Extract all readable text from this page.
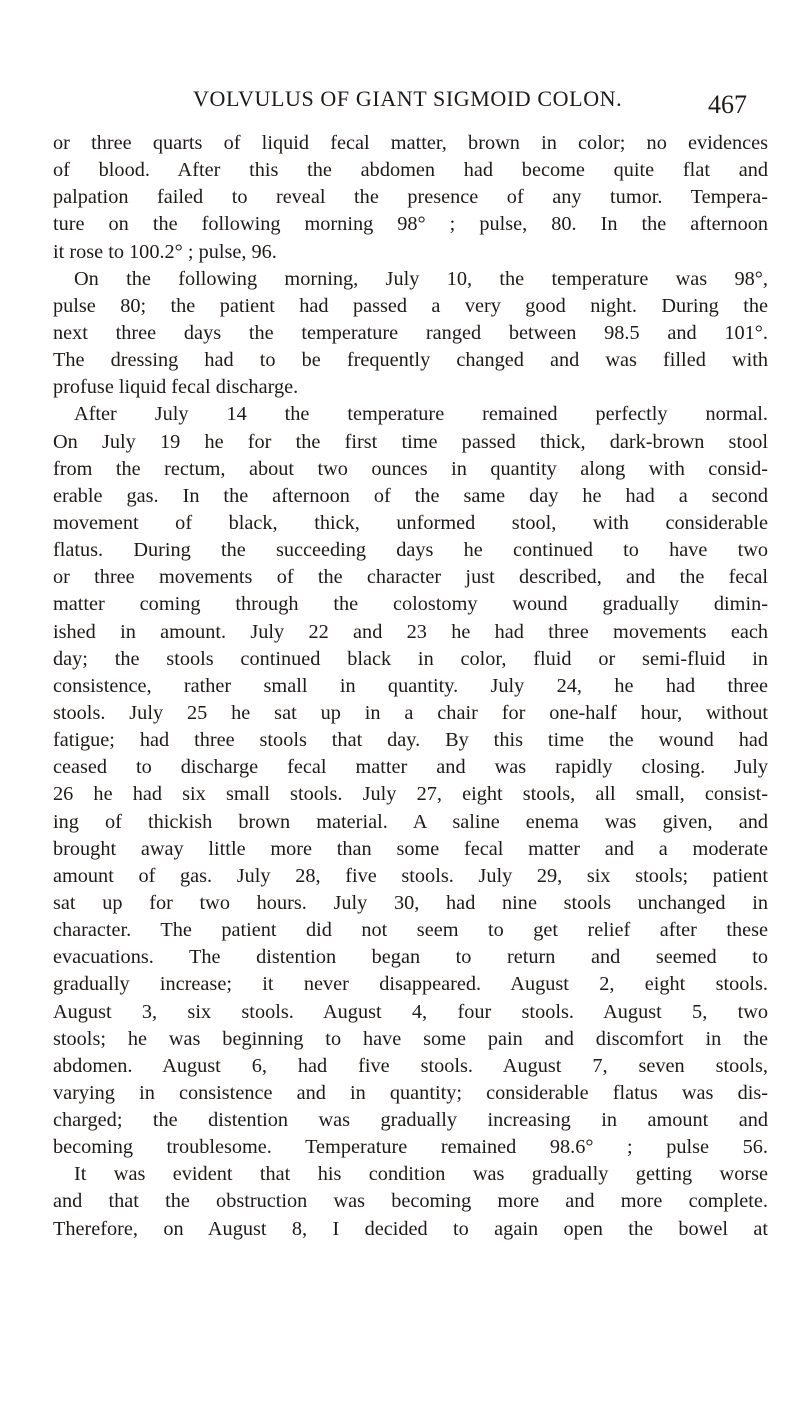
VOLVULUS OF GIANT SIGMOID COLON.	467
or three quarts of liquid fecal matter, brown in color; no evidences
of blood. After this the abdomen had become quite flat and
palpation failed to reveal the presence of any tumor. Tempera-
ture on the following morning 98° ; pulse, 80. In the afternoon
it rose to 100.2° ; pulse, 96.
On the following morning, July 10, the temperature was 98°,
pulse 80; the patient had passed a very good night. During the
next three days the temperature ranged between 98.5 and 101°.
The dressing had to be frequently changed and was filled with
profuse liquid fecal discharge.
After July 14 the temperature remained perfectly normal.
On July 19 he for the first time passed thick, dark-brown stool
from the rectum, about two ounces in quantity along with consid-
erable gas. In the afternoon of the same day he had a second
movement of black, thick, unformed stool, with considerable
flatus. During the succeeding days he continued to have two
or three movements of the character just described, and the fecal
matter coming through the colostomy wound gradually dimin-
ished in amount. July 22 and 23 he had three movements each
day; the stools continued black in color, fluid or semi-fluid in
consistence, rather small in quantity. July 24, he had three
stools. July 25 he sat up in a chair for one-half hour, without
fatigue; had three stools that day. By this time the wound had
ceased to discharge fecal matter and was rapidly closing. July
26 he had six small stools. July 27, eight stools, all small, consist-
ing of thickish brown material. A saline enema was given, and
brought away little more than some fecal matter and a moderate
amount of gas. July 28, five stools. July 29, six stools; patient
sat up for two hours. July 30, had nine stools unchanged in
character. The patient did not seem to get relief after these
evacuations. The distention began to return and seemed to
gradually increase; it never disappeared. August 2, eight stools.
August 3, six stools. August 4, four stools. August 5, two
stools; he was beginning to have some pain and discomfort in the
abdomen. August 6, had five stools. August 7, seven stools,
varying in consistence and in quantity; considerable flatus was dis-
charged; the distention was gradually increasing in amount and
becoming troublesome. Temperature remained 98.6° ; pulse 56.
It was evident that his condition was gradually getting worse
and that the obstruction was becoming more and more complete.
Therefore, on August 8, I decided to again open the bowel at
